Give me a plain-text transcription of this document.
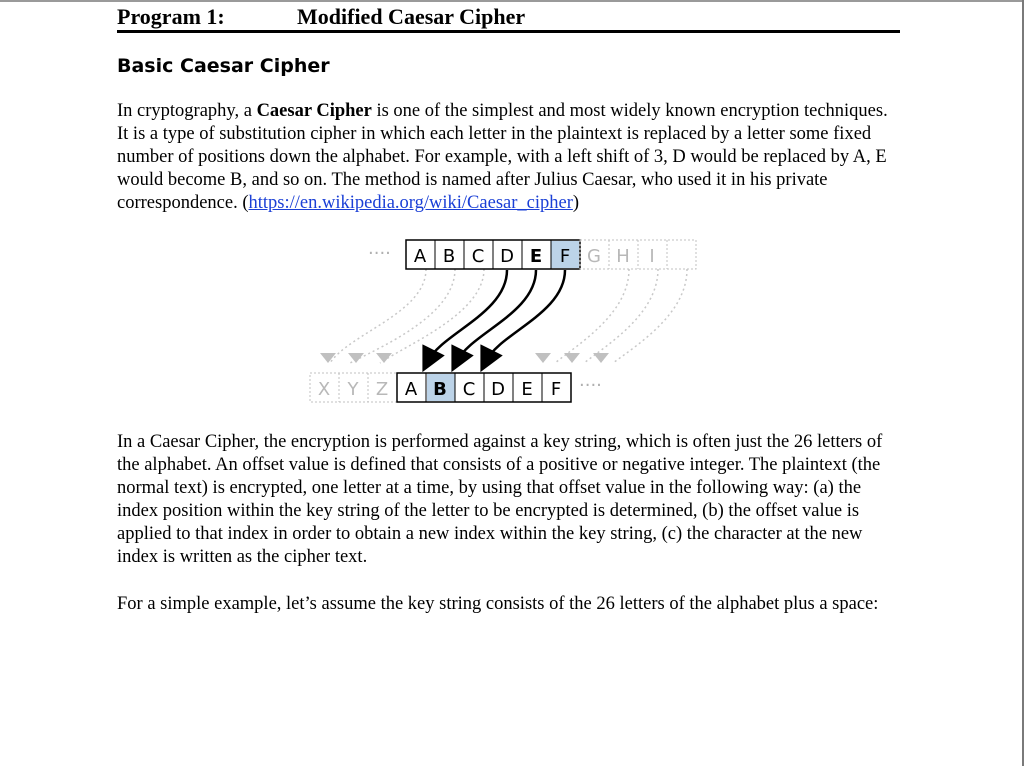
Program 1:	Modified Caesar Cipher
Basic Caesar Cipher
In cryptography, a Caesar Cipher is one of the simplest and most widely known encryption techniques. It is a type of substitution cipher in which each letter in the plaintext is replaced by a letter some fixed number of positions down the alphabet. For example, with a left shift of 3, D would be replaced by A, E would become B, and so on. The method is named after Julius Caesar, who used it in his private correspondence. (https://en.wikipedia.org/wiki/Caesar_cipher)
···· A B C D E F G H I
X Y Z A B C D E F ····
In a Caesar Cipher, the encryption is performed against a key string, which is often just the 26 letters of the alphabet. An offset value is defined that consists of a positive or negative integer. The plaintext (the normal text) is encrypted, one letter at a time, by using that offset value in the following way: (a) the index position within the key string of the letter to be encrypted is determined, (b) the offset value is applied to that index in order to obtain a new index within the key string, (c) the character at the new index is written as the cipher text.
For a simple example, let’s assume the key string consists of the 26 letters of the alphabet plus a space:
